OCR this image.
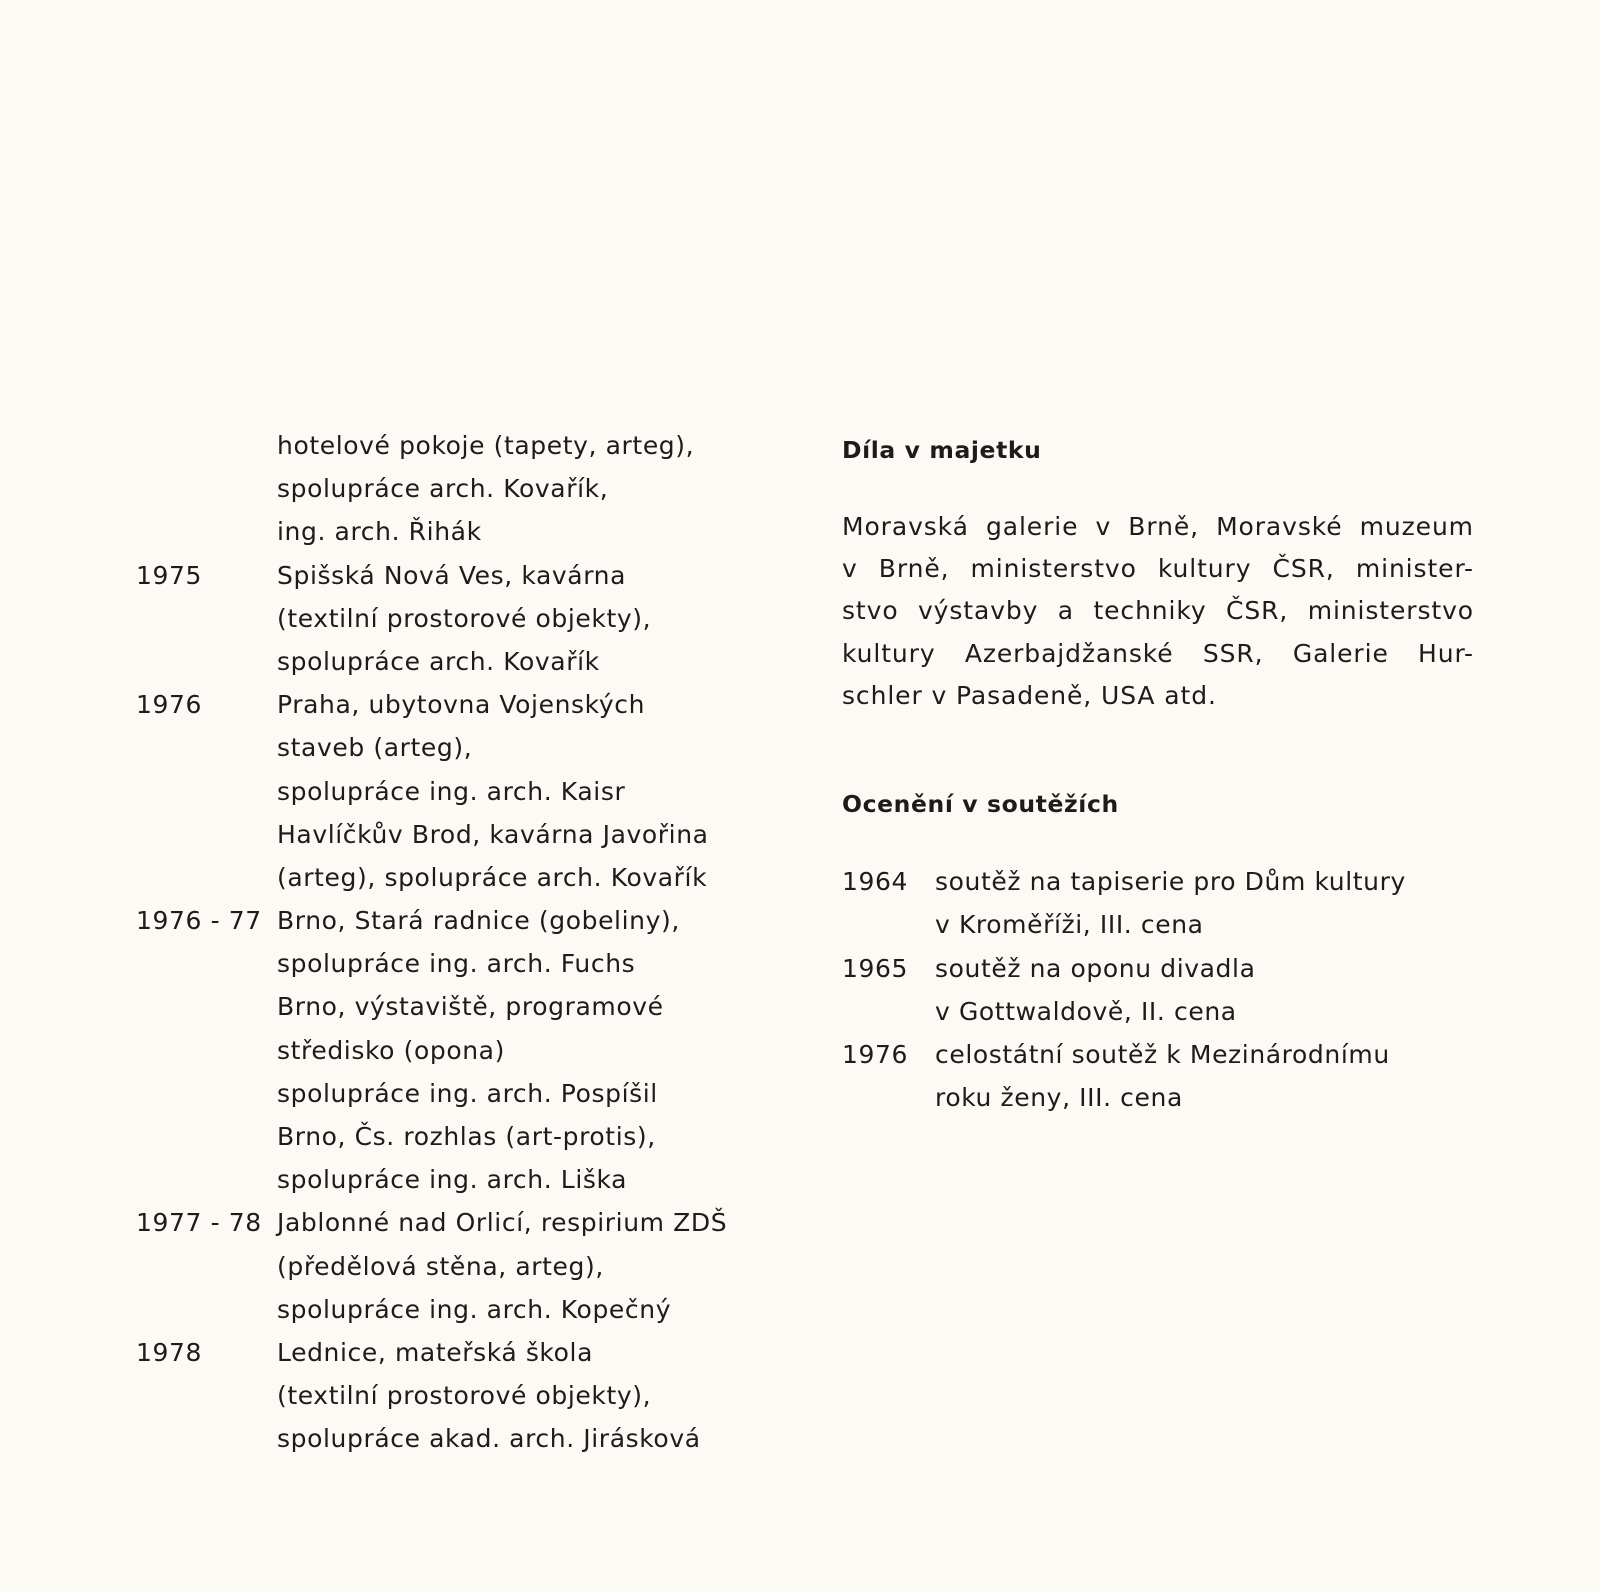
hotelové pokoje (tapety, arteg),
spolupráce arch. Kovařík,
ing. arch. Řihák
1975	Spišská Nová Ves, kavárna
(textilní prostorové objekty),
spolupráce arch. Kovařík
1976	Praha, ubytovna Vojenských
staveb (arteg),
spolupráce ing. arch. Kaisr
Havlíčkův Brod, kavárna Javořina
(arteg), spolupráce arch. Kovařík
1976 - 77 Brno, Stará radnice (gobeliny),
spolupráce ing. arch. Fuchs
Brno, výstaviště, programové
středisko (opona)
spolupráce ing. arch. Pospíšil
Brno, Čs. rozhlas (art-protis),
spolupráce ing. arch. Liška
1977 - 78 Jablonné nad Orlicí, respirium ZDŠ
(předělová stěna, arteg),
spolupráce ing. arch. Kopečný
1978	Lednice, mateřská škola
(textilní prostorové objekty),
spolupráce akad. arch. Jirásková
Díla v majetku
Moravská galerie v Brně, Moravské muzeum
v Brně, ministerstvo kultury ČSR, minister-
stvo výstavby a techniky ČSR, ministerstvo
kultury Azerbajdžanské SSR, Galerie Hur-
schler v Pasadeně, USA atd.
Ocenění v soutěžích
1964 soutěž na tapiserie pro Dům kultury
v Kroměříži, III. cena
1965 soutěž na oponu divadla
v Gottwaldově, II. cena
1976 celostátní soutěž k Mezinárodnímu
roku ženy, III. cena
